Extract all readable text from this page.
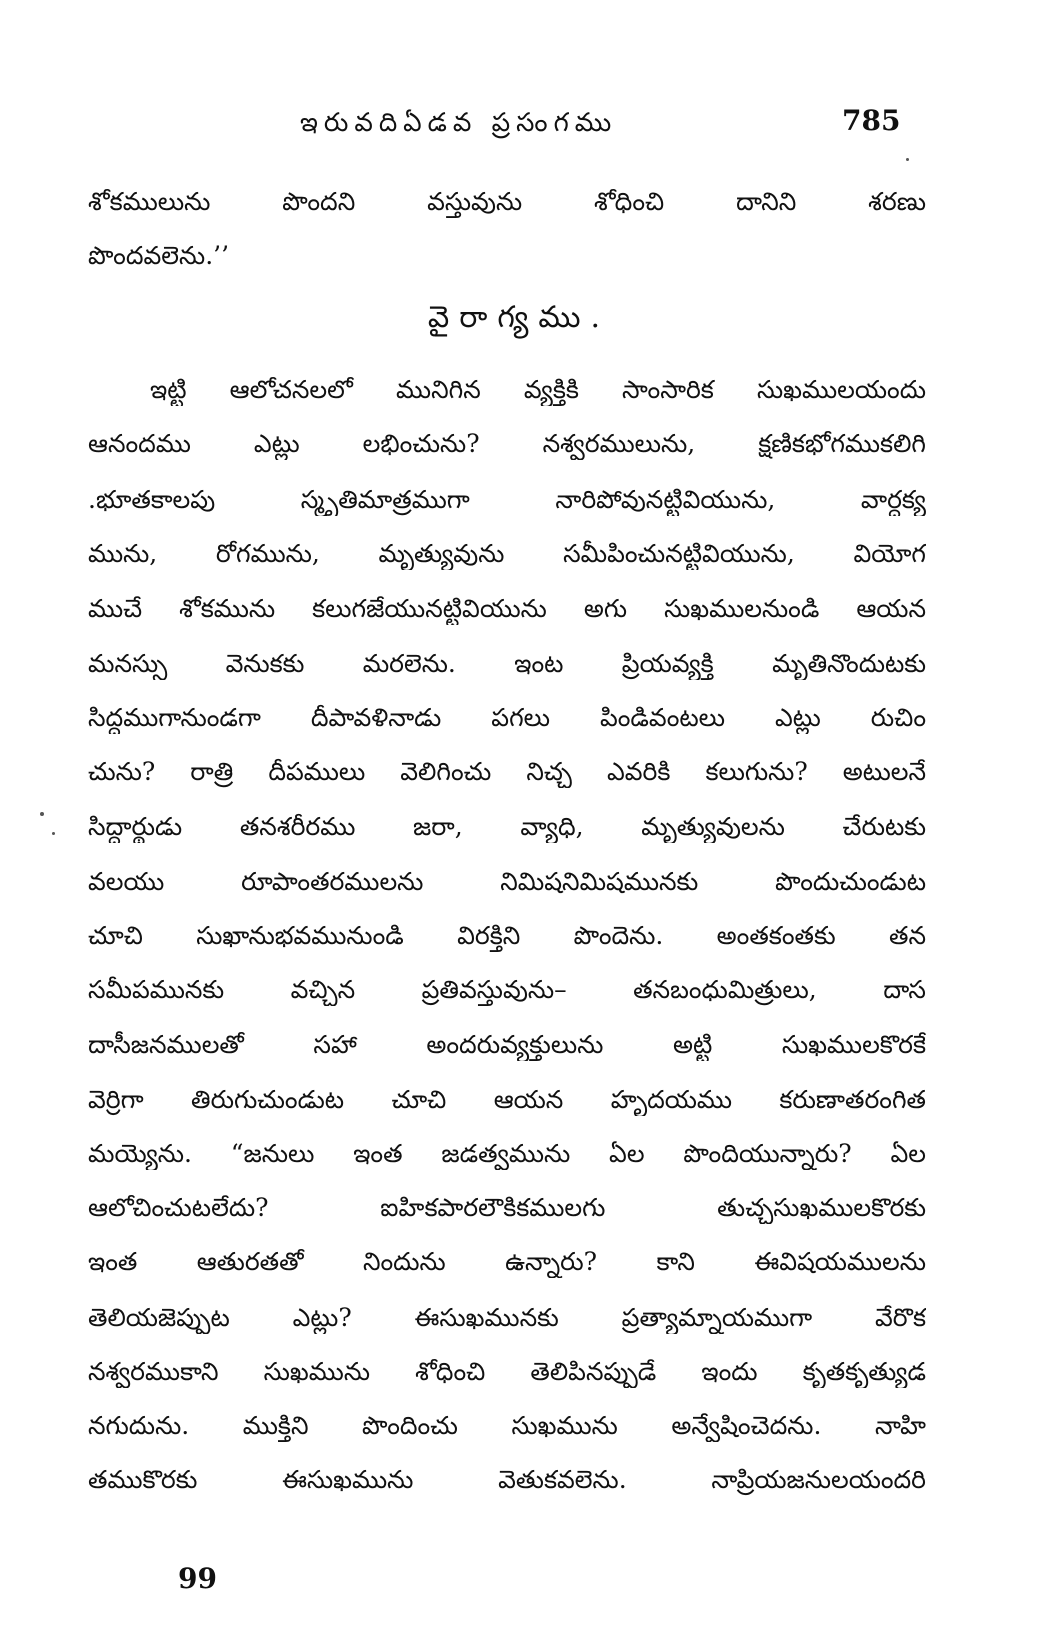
ఇరువదిఏడవ ప్రసంగము	785
శోకములును పొందని వస్తువును శోధించి దానిని శరణు
పొందవలెను.’’
వైరాగ్యము.
ఇట్టి ఆలోచనలలో మునిగిన వ్యక్తికి సాంసారిక సుఖములయందు
ఆనందము ఎట్లు లభించును? నశ్వరములును, క్షణికభోగముకలిగి
.భూతకాలపు స్మృతిమాత్రముగా నారిపోవునట్టివియును, వార్ధక్య
మును, రోగమును, మృత్యువును సమీపించునట్టివియును, వియోగ
ముచే శోకమును కలుగజేయునట్టివియును అగు సుఖములనుండి ఆయన
మనస్సు వెనుకకు మరలెను. ఇంట ప్రియవ్యక్తి మృతినొందుటకు
సిద్ధముగానుండగా దీపావళినాడు పగలు పిండివంటలు ఎట్లు రుచిం
చును? రాత్రి దీపములు వెలిగించు నిచ్ఛ ఎవరికి కలుగును? అటులనే
సిద్ధార్థుడు తనశరీరము జరా, వ్యాధి, మృత్యువులను చేరుటకు
వలయు రూపాంతరములను నిమిషనిమిషమునకు పొందుచుండుట
చూచి సుఖానుభవమునుండి విరక్తిని పొందెను. అంతకంతకు తన
సమీపమునకు వచ్చిన ప్రతివస్తువును– తనబంధుమిత్రులు, దాస
దాసీజనములతో సహా అందరువ్యక్తులును అట్టి సుఖములకొరకే
వెర్రిగా తిరుగుచుండుట చూచి ఆయన హృదయము కరుణాతరంగిత
మయ్యెను. “జనులు ఇంత జడత్వమును ఏల పొందియున్నారు? ఏల
ఆలోచించుటలేదు? ఐహికపారలౌకికములగు తుచ్ఛసుఖములకొరకు
ఇంత ఆతురతతో నిందును ఉన్నారు? కాని ఈవిషయములను
తెలియజెప్పుట ఎట్లు? ఈసుఖమునకు ప్రత్యామ్నాయముగా వేరొక
నశ్వరముకాని సుఖమును శోధించి తెలిపినప్పుడే ఇందు కృతకృత్యుడ
నగుదును. ముక్తిని పొందించు సుఖమును అన్వేషించెదను. నాహి
తముకొరకు ఈసుఖమును వెతుకవలెను. నాప్రియజనులయందరి
99
